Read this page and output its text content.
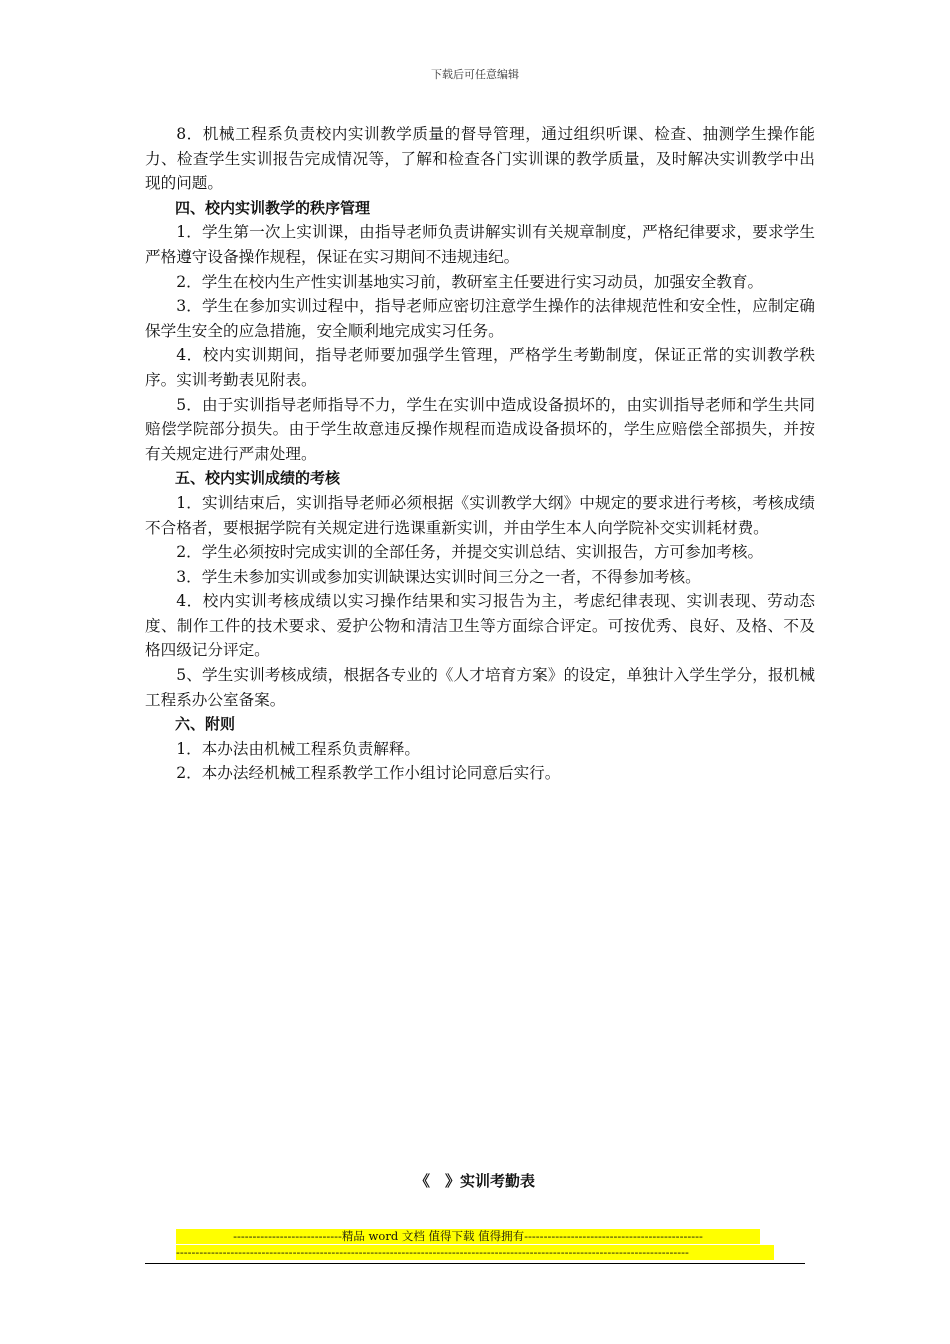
下载后可任意编辑

8．机械工程系负责校内实训教学质量的督导管理，通过组织听课、检查、抽测学生操作能力、检查学生实训报告完成情况等，了解和检查各门实训课的教学质量，及时解决实训教学中出现的问题。

四、校内实训教学的秩序管理

1．学生第一次上实训课，由指导老师负责讲解实训有关规章制度，严格纪律要求，要求学生严格遵守设备操作规程，保证在实习期间不违规违纪。

2．学生在校内生产性实训基地实习前，教研室主任要进行实习动员，加强安全教育。

3．学生在参加实训过程中，指导老师应密切注意学生操作的法律规范性和安全性，应制定确保学生安全的应急措施，安全顺利地完成实习任务。

4．校内实训期间，指导老师要加强学生管理，严格学生考勤制度，保证正常的实训教学秩序。实训考勤表见附表。

5．由于实训指导老师指导不力，学生在实训中造成设备损坏的，由实训指导老师和学生共同赔偿学院部分损失。由于学生故意违反操作规程而造成设备损坏的，学生应赔偿全部损失，并按有关规定进行严肃处理。

五、校内实训成绩的考核

1．实训结束后，实训指导老师必须根据《实训教学大纲》中规定的要求进行考核，考核成绩不合格者，要根据学院有关规定进行选课重新实训，并由学生本人向学院补交实训耗材费。

2．学生必须按时完成实训的全部任务，并提交实训总结、实训报告，方可参加考核。

3．学生未参加实训或参加实训缺课达实训时间三分之一者，不得参加考核。

4．校内实训考核成绩以实习操作结果和实习报告为主，考虑纪律表现、实训表现、劳动态度、制作工件的技术要求、爱护公物和清洁卫生等方面综合评定。可按优秀、良好、及格、不及格四级记分评定。

5、学生实训考核成绩，根据各专业的《人才培育方案》的设定，单独计入学生学分，报机械工程系办公室备案。

六、附则

1．本办法由机械工程系负责解释。

2．本办法经机械工程系教学工作小组讨论同意后实行。

《　》实训考勤表
----------------------------精品 word 文档 值得下载 值得拥有----------------------------------------------
------------------------------------------------------------------------------------------------------------------------------------
